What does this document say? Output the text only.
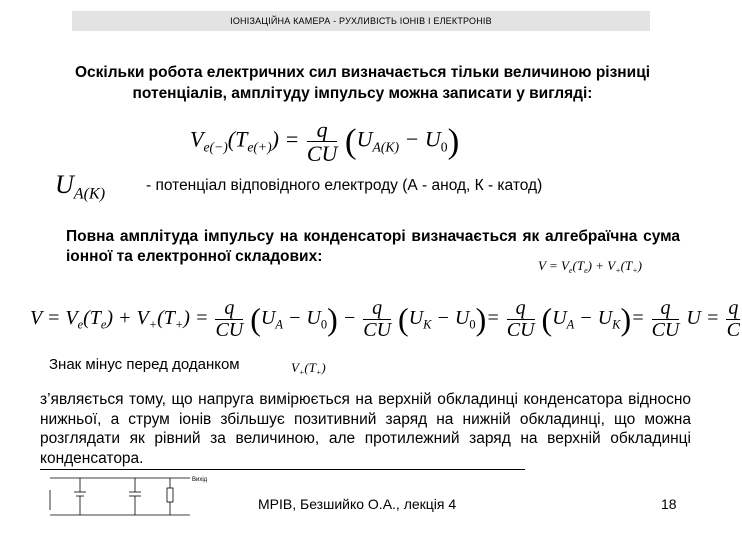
ІОНІЗАЦІЙНА КАМЕРА - РУХЛИВІСТЬ ІОНІВ І ЕЛЕКТРОНІВ
Оскільки робота електричних сил визначається тільки величиною різниці потенціалів, амплітуду імпульсу можна записати у вигляді:
$V_{e(-)}(T_{e(+)}) = \frac{q}{CU} (U_{A(K)} - U_0)$
$U_{A(K)}$
- потенціал відповідного електроду (А - анод, К - катод)
Повна амплітуда імпульсу на конденсаторі визначається як алгебраїчна сума іонної та електронної складових:
$V = V_e(T_e) + V_+(T_+)$
$V = V_e(T_e) + V_+(T_+) = \frac{q}{CU} (U_A - U_0) - \frac{q}{CU} (U_K - U_0)= \frac{q}{CU} (U_A - U_K)= \frac{q}{CU}$ $U = \frac{q}{C}$
Знак мінус перед доданком	$V_+(T_+)$
з’являється тому, що напруга вимірюється на верхній обкладинці конденсатора відносно нижньої, а струм іонів збільшує позитивний заряд на нижній обкладинці, що можна розглядати як рівний за величиною, але протилежний заряд на верхній обкладинці конденсатора.
Вихід
МРІВ, Безшийко О.А., лекція 4	18
